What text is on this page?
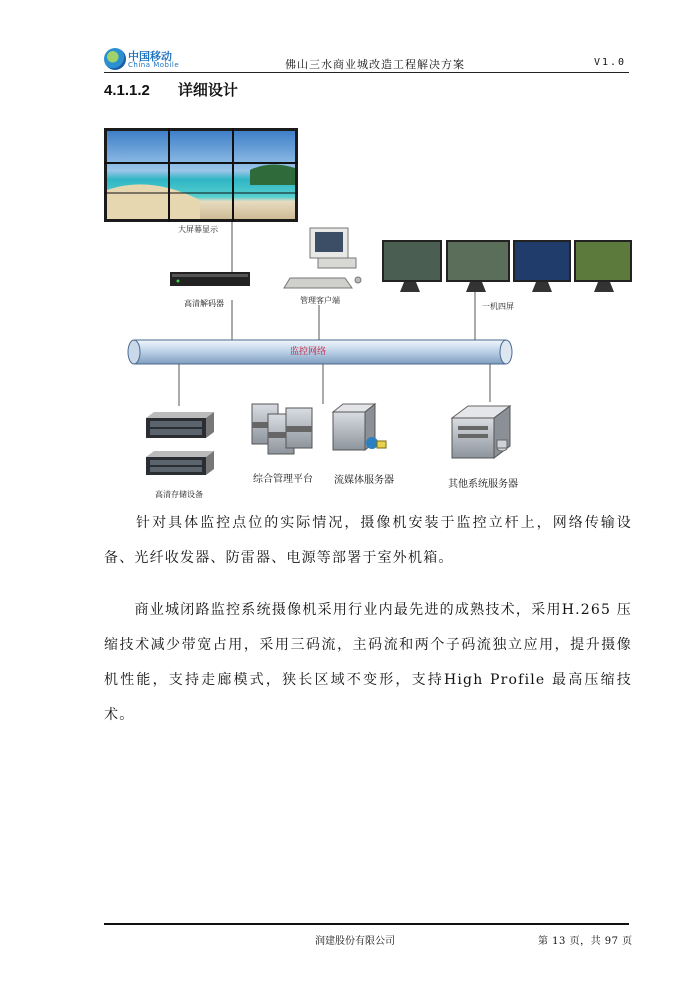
中国移动
China Mobile	佛山三水商业城改造工程解决方案	V1.0
4.1.1.2 详细设计
大屏幕显示
高清解码器	管理客户端
一机四屏
监控网络
高清存储设备
综合管理平台 流媒体服务器	其他系统服务器
　　针对具体监控点位的实际情况，摄像机安装于监控立杆上，网络传输设备、光纤收发器、防雷器、电源等部署于室外机箱。
　　商业城闭路监控系统摄像机采用行业内最先进的成熟技术，采用H.265 压缩技术减少带宽占用，采用三码流，主码流和两个子码流独立应用，提升摄像机性能，支持走廊模式，狭长区域不变形，支持High Profile 最高压缩技术。
润建股份有限公司	第 13 页，共 97 页
